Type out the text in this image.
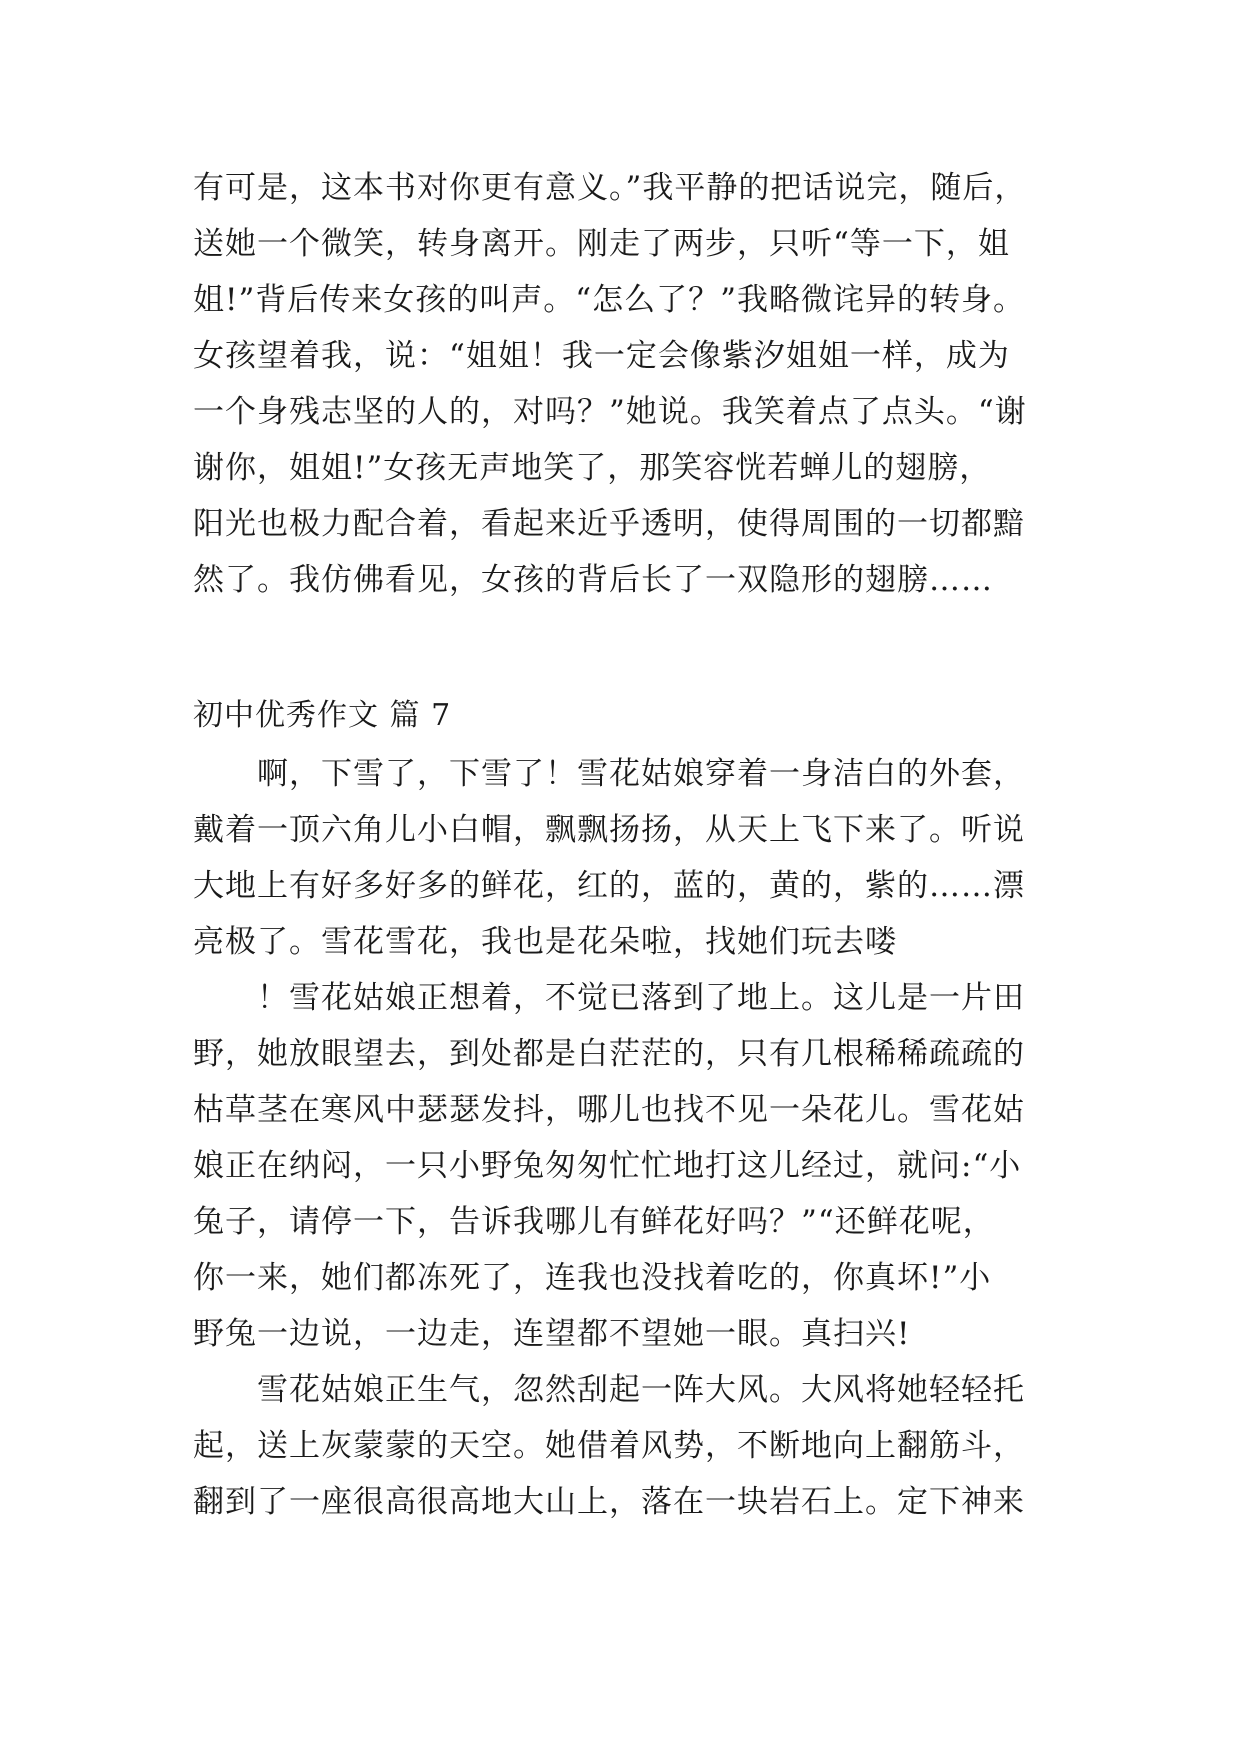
有可是，这本书对你更有意义。”我平静的把话说完，随后，
送她一个微笑，转身离开。刚走了两步，只听“等一下，姐
姐!”背后传来女孩的叫声。“怎么了？”我略微诧异的转身。
女孩望着我，说：“姐姐！我一定会像紫汐姐姐一样，成为
一个身残志坚的人的，对吗？”她说。我笑着点了点头。“谢
谢你，姐姐!”女孩无声地笑了，那笑容恍若蝉儿的翅膀，
阳光也极力配合着，看起来近乎透明，使得周围的一切都黯
然了。我仿佛看见，女孩的背后长了一双隐形的翅膀……
初中优秀作文 篇 7
啊，下雪了，下雪了！雪花姑娘穿着一身洁白的外套，
戴着一顶六角儿小白帽，飘飘扬扬，从天上飞下来了。听说
大地上有好多好多的鲜花，红的，蓝的，黄的，紫的……漂
亮极了。雪花雪花，我也是花朵啦，找她们玩去喽
！雪花姑娘正想着，不觉已落到了地上。这儿是一片田
野，她放眼望去，到处都是白茫茫的，只有几根稀稀疏疏的
枯草茎在寒风中瑟瑟发抖，哪儿也找不见一朵花儿。雪花姑
娘正在纳闷，一只小野兔匆匆忙忙地打这儿经过，就问:“小
兔子，请停一下，告诉我哪儿有鲜花好吗？”“还鲜花呢，
你一来，她们都冻死了，连我也没找着吃的，你真坏!”小
野兔一边说，一边走，连望都不望她一眼。真扫兴!
雪花姑娘正生气，忽然刮起一阵大风。大风将她轻轻托
起，送上灰蒙蒙的天空。她借着风势，不断地向上翻筋斗，
翻到了一座很高很高地大山上，落在一块岩石上。定下神来
